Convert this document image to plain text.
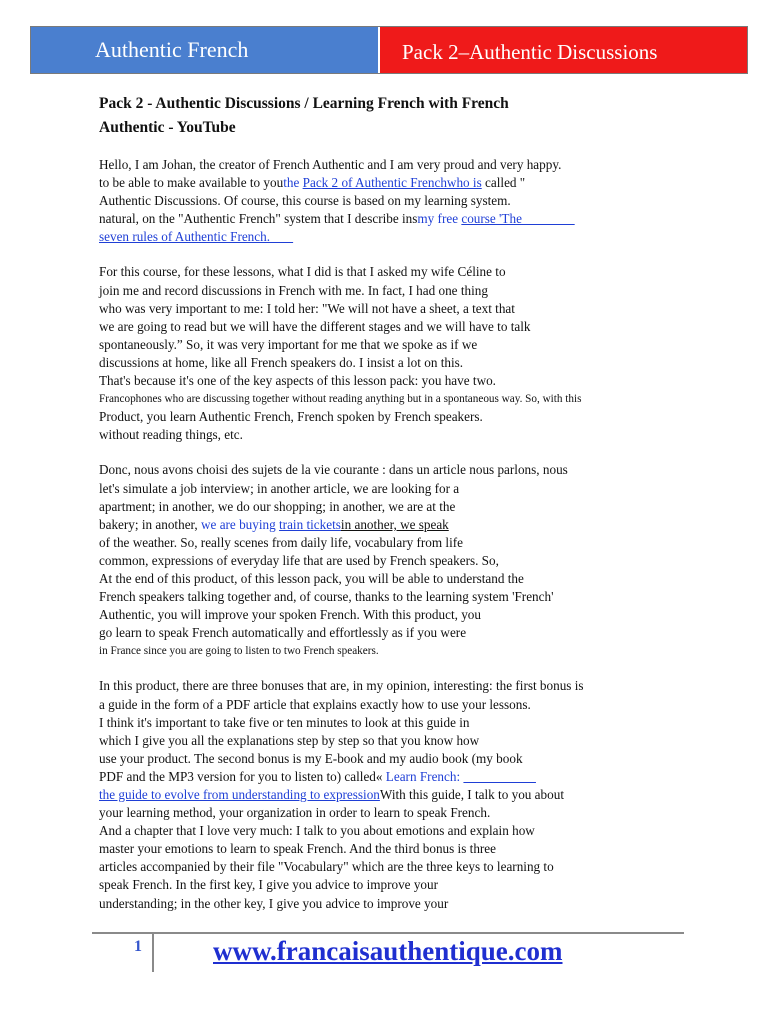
Authentic French	Pack 2–Authentic Discussions
Pack 2 - Authentic Discussions / Learning French with French
Authentic - YouTube
Hello, I am Johan, the creator of French Authentic and I am very proud and very happy.
to be able to make available to youthe Pack 2 of Authentic Frenchwho is called "
Authentic Discussions. Of course, this course is based on my learning system.
natural, on the "Authentic French" system that I describe insmy free course 'The
seven rules of Authentic French.
For this course, for these lessons, what I did is that I asked my wife Céline to
join me and record discussions in French with me. In fact, I had one thing
who was very important to me: I told her: "We will not have a sheet, a text that
we are going to read but we will have the different stages and we will have to talk
spontaneously.” So, it was very important for me that we spoke as if we
discussions at home, like all French speakers do. I insist a lot on this.
That's because it's one of the key aspects of this lesson pack: you have two.
Francophones who are discussing together without reading anything but in a spontaneous way. So, with this
Product, you learn Authentic French, French spoken by French speakers.
without reading things, etc.
Donc, nous avons choisi des sujets de la vie courante : dans un article nous parlons, nous
let's simulate a job interview; in another article, we are looking for a
apartment; in another, we do our shopping; in another, we are at the
bakery; in another, we are buying train ticketsin another, we speak
of the weather. So, really scenes from daily life, vocabulary from life
common, expressions of everyday life that are used by French speakers. So,
At the end of this product, of this lesson pack, you will be able to understand the
French speakers talking together and, of course, thanks to the learning system 'French'
Authentic, you will improve your spoken French. With this product, you
go learn to speak French automatically and effortlessly as if you were
in France since you are going to listen to two French speakers.
In this product, there are three bonuses that are, in my opinion, interesting: the first bonus is
a guide in the form of a PDF article that explains exactly how to use your lessons.
I think it's important to take five or ten minutes to look at this guide in
which I give you all the explanations step by step so that you know how
use your product. The second bonus is my E-book and my audio book (my book
PDF and the MP3 version for you to listen to) called« Learn French:
the guide to evolve from understanding to expressionWith this guide, I talk to you about
your learning method, your organization in order to learn to speak French.
And a chapter that I love very much: I talk to you about emotions and explain how
master your emotions to learn to speak French. And the third bonus is three
articles accompanied by their file "Vocabulary" which are the three keys to learning to
speak French. In the first key, I give you advice to improve your
understanding; in the other key, I give you advice to improve your
1	www.francaisauthentique.com
